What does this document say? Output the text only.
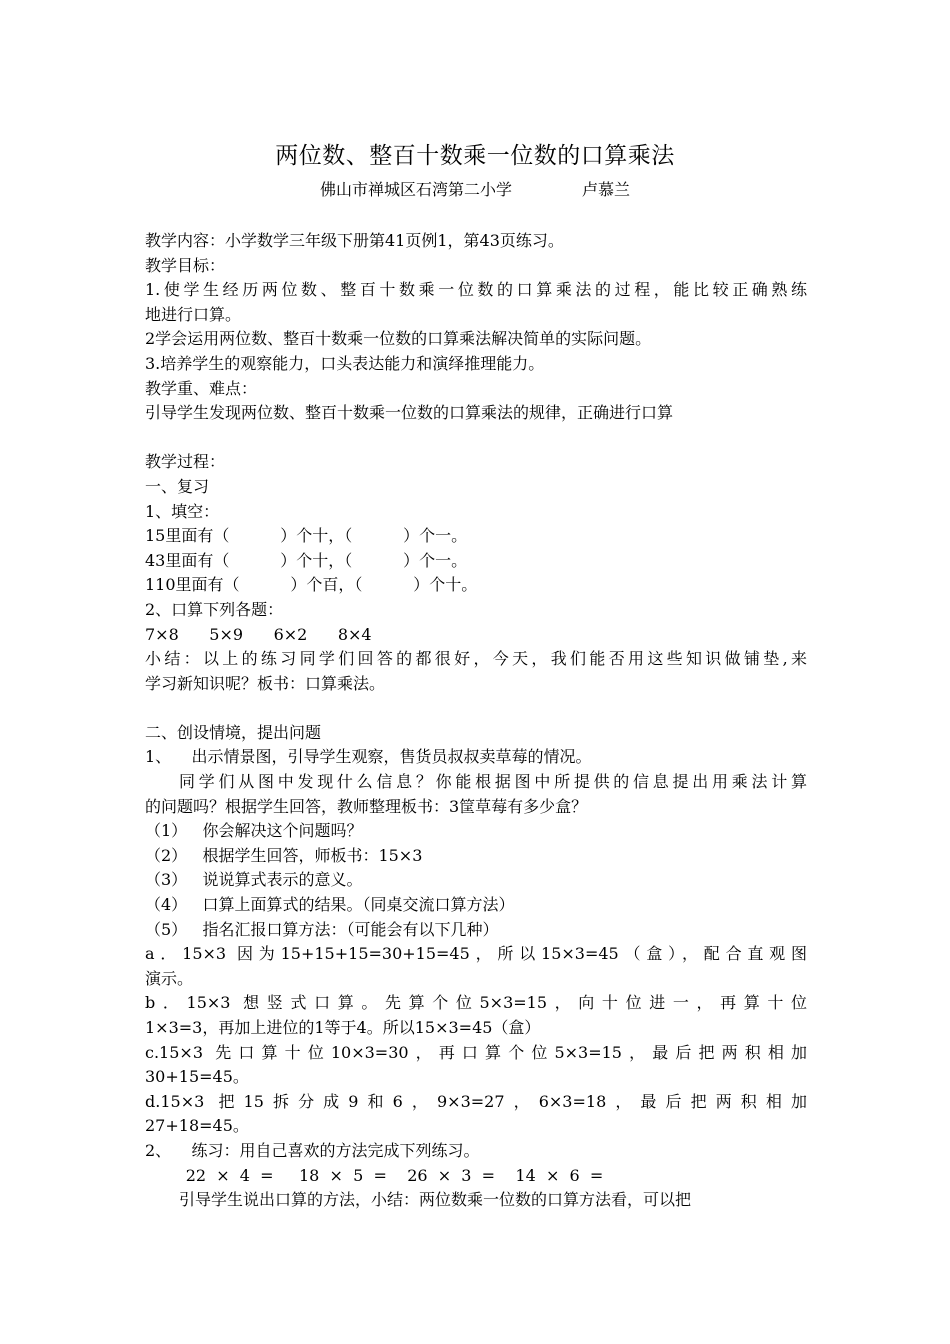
两位数、整百十数乘一位数的口算乘法
佛山市禅城区石湾第二小学	卢慕兰
教学内容：小学数学三年级下册第41页例1，第43页练习。
教学目标：
1.使学生经历两位数、整百十数乘一位数的口算乘法的过程，能比较正确熟练
地进行口算。
2学会运用两位数、整百十数乘一位数的口算乘法解决简单的实际问题。
3.培养学生的观察能力，口头表达能力和演绎推理能力。
教学重、难点：
引导学生发现两位数、整百十数乘一位数的口算乘法的规律，正确进行口算
教学过程：
一、复习
1、填空：
15里面有（          ）个十，（          ）个一。
43里面有（          ）个十，（          ）个一。
110里面有（          ）个百，（          ）个十。
2、口算下列各题：
7×8      5×9      6×2      8×4
小结：以上的练习同学们回答的都很好，今天，我们能否用这些知识做铺垫,来
学习新知识呢？板书：口算乘法。
二、创设情境，提出问题
1、    出示情景图，引导学生观察，售货员叔叔卖草莓的情况。
同学们从图中发现什么信息？你能根据图中所提供的信息提出用乘法计算
的问题吗？根据学生回答，教师整理板书：3筐草莓有多少盒？
（1）   你会解决这个问题吗？
（2）   根据学生回答，师板书：15×3
（3）   说说算式表示的意义。
（4）   口算上面算式的结果。（同桌交流口算方法）
（5）   指名汇报口算方法：（可能会有以下几种）
a．15×3 因为15+15+15=30+15=45，所以15×3=45（盒），配合直观图
演示。
b．15×3 想竖式口算。先算个位5×3=15，向十位进一，再算十位
1×3=3，再加上进位的1等于4。所以15×3=45（盒）
c.15×3 先口算十位10×3=30，再口算个位5×3=15，最后把两积相加
30+15=45。
d.15×3 把15拆分成9和6，9×3=27，6×3=18，最后把两积相加
27+18=45。
2、    练习：用自己喜欢的方法完成下列练习。
22  ×  4  =     18  ×  5  =    26  ×  3  =    14  ×  6  =
引导学生说出口算的方法，小结：两位数乘一位数的口算方法看，可以把
